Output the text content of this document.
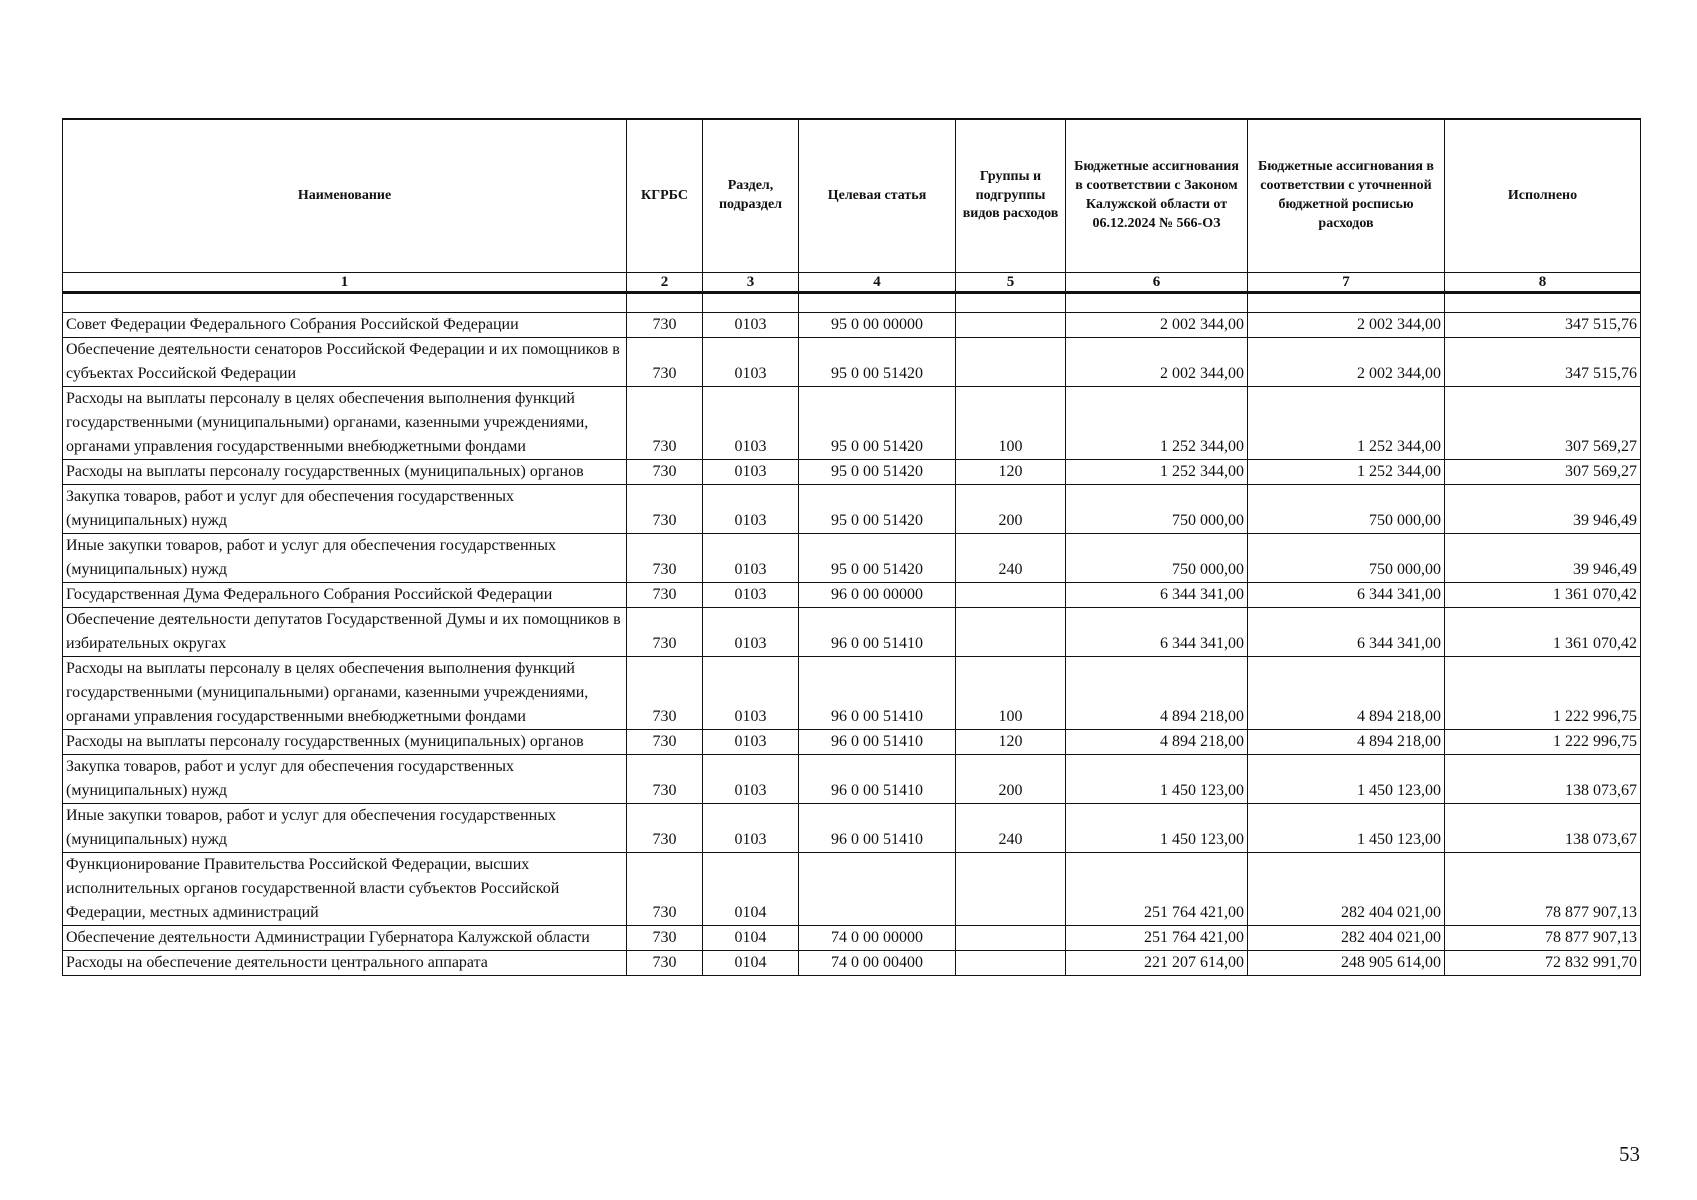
Наименование	КГРБС	Раздел, подраздел	Целевая статья	Группы и подгруппы видов расходов	Бюджетные ассигнования в соответствии с Законом Калужской области от 06.12.2024 № 566-ОЗ	Бюджетные ассигнования в соответствии с уточненной бюджетной росписью расходов	Исполнено
1	2	3	4	5	6	7	8

Совет Федерации Федерального Собрания Российской Федерации	730	0103	95 0 00 00000		2 002 344,00	2 002 344,00	347 515,76
Обеспечение деятельности сенаторов Российской Федерации и их помощников в субъектах Российской Федерации	730	0103	95 0 00 51420		2 002 344,00	2 002 344,00	347 515,76
Расходы на выплаты персоналу в целях обеспечения выполнения функций государственными (муниципальными) органами, казенными учреждениями, органами управления государственными внебюджетными фондами	730	0103	95 0 00 51420	100	1 252 344,00	1 252 344,00	307 569,27
Расходы на выплаты персоналу государственных (муниципальных) органов	730	0103	95 0 00 51420	120	1 252 344,00	1 252 344,00	307 569,27
Закупка товаров, работ и услуг для обеспечения государственных (муниципальных) нужд	730	0103	95 0 00 51420	200	750 000,00	750 000,00	39 946,49
Иные закупки товаров, работ и услуг для обеспечения государственных (муниципальных) нужд	730	0103	95 0 00 51420	240	750 000,00	750 000,00	39 946,49
Государственная Дума Федерального Собрания Российской Федерации	730	0103	96 0 00 00000		6 344 341,00	6 344 341,00	1 361 070,42
Обеспечение деятельности депутатов Государственной Думы и их помощников в избирательных округах	730	0103	96 0 00 51410		6 344 341,00	6 344 341,00	1 361 070,42
Расходы на выплаты персоналу в целях обеспечения выполнения функций государственными (муниципальными) органами, казенными учреждениями, органами управления государственными внебюджетными фондами	730	0103	96 0 00 51410	100	4 894 218,00	4 894 218,00	1 222 996,75
Расходы на выплаты персоналу государственных (муниципальных) органов	730	0103	96 0 00 51410	120	4 894 218,00	4 894 218,00	1 222 996,75
Закупка товаров, работ и услуг для обеспечения государственных (муниципальных) нужд	730	0103	96 0 00 51410	200	1 450 123,00	1 450 123,00	138 073,67
Иные закупки товаров, работ и услуг для обеспечения государственных (муниципальных) нужд	730	0103	96 0 00 51410	240	1 450 123,00	1 450 123,00	138 073,67
Функционирование Правительства Российской Федерации, высших исполнительных органов государственной власти субъектов Российской Федерации, местных администраций	730	0104			251 764 421,00	282 404 021,00	78 877 907,13
Обеспечение деятельности Администрации Губернатора Калужской области	730	0104	74 0 00 00000		251 764 421,00	282 404 021,00	78 877 907,13
Расходы на обеспечение деятельности центрального аппарата	730	0104	74 0 00 00400		221 207 614,00	248 905 614,00	72 832 991,70
53
